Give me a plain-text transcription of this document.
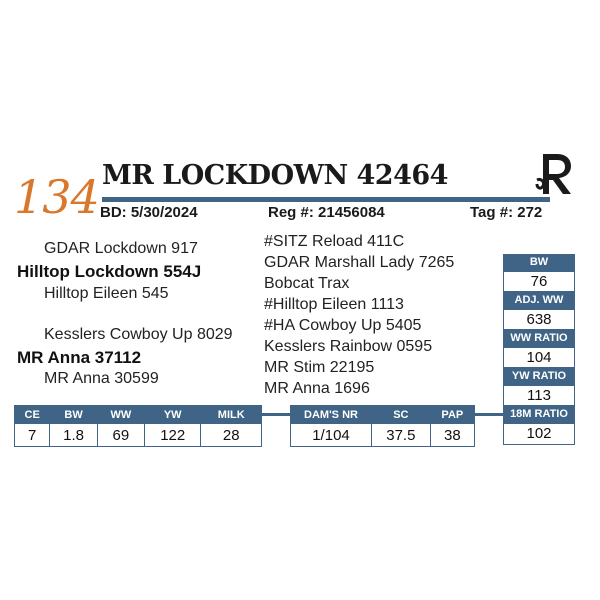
134 MR LOCKDOWN 42464
BD: 5/30/2024	Reg #: 21456084	Tag #: 272
GDAR Lockdown 917
Hilltop Lockdown 554J
Hilltop Eileen 545
Kesslers Cowboy Up 8029
MR Anna 37112
MR Anna 30599
#SITZ Reload 411C
GDAR Marshall Lady 7265
Bobcat Trax
#Hilltop Eileen 1113
#HA Cowboy Up 5405
Kesslers Rainbow 0595
MR Stim 22195
MR Anna 1696
BW
76
ADJ. WW
638
WW RATIO
104
YW RATIO
113
18M RATIO
102
CE	BW	WW	YW	MILK
7	1.8	69	122	28
DAM'S NR	SC	PAP
1/104	37.5	38
